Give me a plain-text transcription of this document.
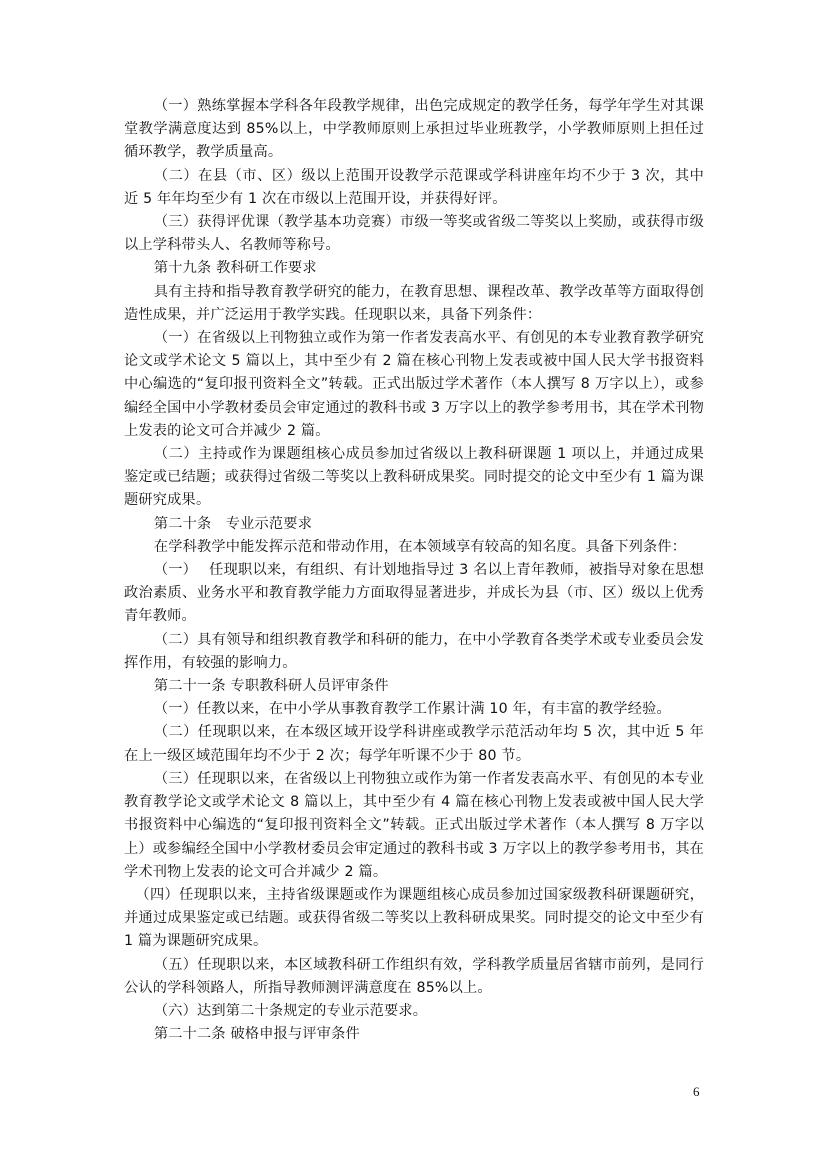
（一）熟练掌握本学科各年段教学规律，出色完成规定的教学任务，每学年学生对其课堂教学满意度达到 85%以上，中学教师原则上承担过毕业班教学，小学教师原则上担任过循环教学，教学质量高。

（二）在县（市、区）级以上范围开设教学示范课或学科讲座年均不少于 3 次，其中近 5 年年均至少有 1 次在市级以上范围开设，并获得好评。

（三）获得评优课（教学基本功竞赛）市级一等奖或省级二等奖以上奖励，或获得市级以上学科带头人、名教师等称号。

第十九条 教科研工作要求

具有主持和指导教育教学研究的能力，在教育思想、课程改革、教学改革等方面取得创造性成果，并广泛运用于教学实践。任现职以来，具备下列条件：

（一）在省级以上刊物独立或作为第一作者发表高水平、有创见的本专业教育教学研究论文或学术论文 5 篇以上，其中至少有 2 篇在核心刊物上发表或被中国人民大学书报资料中心编选的“复印报刊资料全文”转载。正式出版过学术著作（本人撰写 8 万字以上），或参编经全国中小学教材委员会审定通过的教科书或 3 万字以上的教学参考用书，其在学术刊物上发表的论文可合并减少 2 篇。

（二）主持或作为课题组核心成员参加过省级以上教科研课题 1 项以上，并通过成果鉴定或已结题；或获得过省级二等奖以上教科研成果奖。同时提交的论文中至少有 1 篇为课题研究成果。

第二十条　专业示范要求

在学科教学中能发挥示范和带动作用，在本领域享有较高的知名度。具备下列条件：

（一）　 任现职以来，有组织、有计划地指导过 3 名以上青年教师，被指导对象在思想政治素质、业务水平和教育教学能力方面取得显著进步，并成长为县（市、区）级以上优秀青年教师。

（二）具有领导和组织教育教学和科研的能力，在中小学教育各类学术或专业委员会发挥作用，有较强的影响力。

第二十一条 专职教科研人员评审条件

（一）任教以来，在中小学从事教育教学工作累计满 10 年，有丰富的教学经验。

（二）任现职以来，在本级区域开设学科讲座或教学示范活动年均 5 次，其中近 5 年在上一级区域范围年均不少于 2 次；每学年听课不少于 80 节。

（三）任现职以来，在省级以上刊物独立或作为第一作者发表高水平、有创见的本专业教育教学论文或学术论文 8 篇以上，其中至少有 4 篇在核心刊物上发表或被中国人民大学书报资料中心编选的“复印报刊资料全文”转载。正式出版过学术著作（本人撰写 8 万字以上）或参编经全国中小学教材委员会审定通过的教科书或 3 万字以上的教学参考用书，其在学术刊物上发表的论文可合并减少 2 篇。

（四）任现职以来，主持省级课题或作为课题组核心成员参加过国家级教科研课题研究，并通过成果鉴定或已结题。或获得省级二等奖以上教科研成果奖。同时提交的论文中至少有 1 篇为课题研究成果。

（五）任现职以来，本区域教科研工作组织有效，学科教学质量居省辖市前列，是同行公认的学科领路人，所指导教师测评满意度在 85%以上。

（六）达到第二十条规定的专业示范要求。

第二十二条 破格申报与评审条件

6
